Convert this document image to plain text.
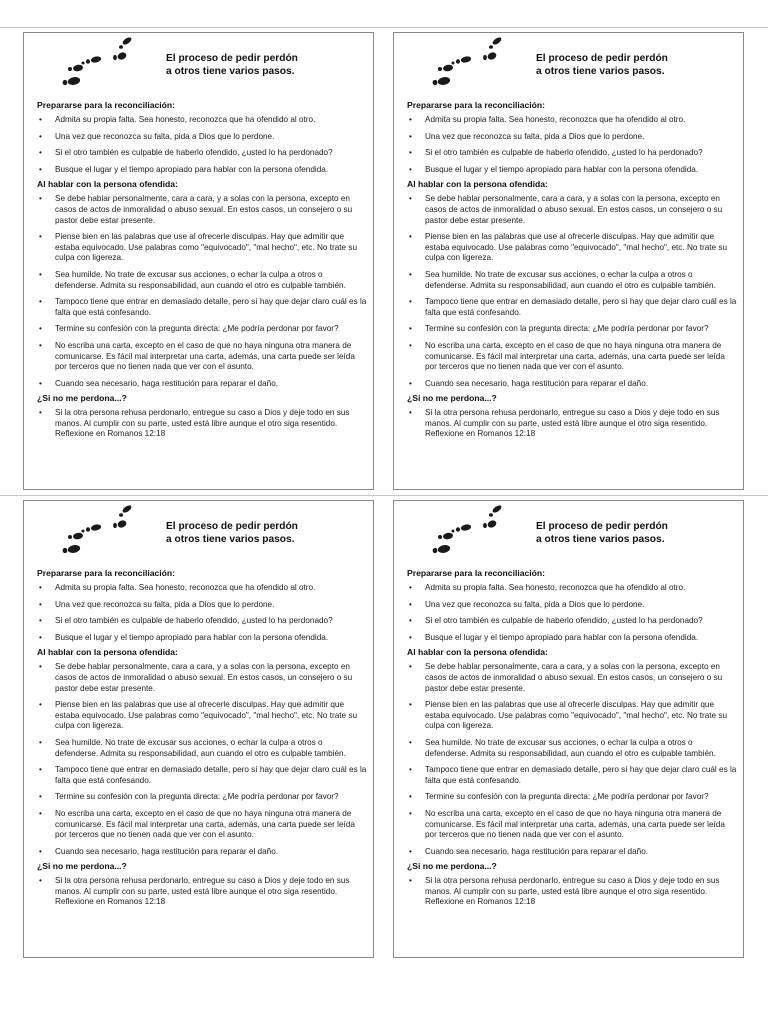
El proceso de pedir perdón
a otros tiene varios pasos.
Prepararse para la reconciliación:
• Admita su propia falta. Sea honesto, reconozca que ha ofendido al otro.
• Una vez que reconozca su falta, pida a Dios que lo perdone.
• Si el otro también es culpable de haberlo ofendido, ¿usted lo ha perdonado?
• Busque el lugar y el tiempo apropiado para hablar con la persona ofendida.
Al hablar con la persona ofendida:
• Se debe hablar personalmente, cara a cara, y a solas con la persona, excepto en casos de actos de inmoralidad o abuso sexual. En estos casos, un consejero o su pastor debe estar presente.
• Piense bien en las palabras que use al ofrecerle disculpas. Hay que admitir que estaba equivocado. Use palabras como "equivocado", "mal hecho", etc. No trate su culpa con ligereza.
• Sea humilde. No trate de excusar sus acciones, o echar la culpa a otros o defenderse. Admita su responsabilidad, aun cuando el otro es culpable también.
• Tampoco tiene que entrar en demasiado detalle, pero sí hay que dejar claro cuál es la falta que está confesando.
• Termine su confesión con la pregunta directa: ¿Me podría perdonar por favor?
• No escriba una carta, excepto en el caso de que no haya ninguna otra manera de comunicarse. Es fácil mal interpretar una carta, además, una carta puede ser leída por terceros que no tienen nada que ver con el asunto.
• Cuando sea necesario, haga restitución para reparar el daño.
¿Si no me perdona...?
• Si la otra persona rehusa perdonarlo, entregue su caso a Dios y deje todo en sus manos. Al cumplir con su parte, usted está libre aunque el otro siga resentido. Reflexione en Romanos 12:18
El proceso de pedir perdón
a otros tiene varios pasos.
Prepararse para la reconciliación:
• Admita su propia falta. Sea honesto, reconozca que ha ofendido al otro.
• Una vez que reconozca su falta, pida a Dios que lo perdone.
• Si el otro también es culpable de haberlo ofendido, ¿usted lo ha perdonado?
• Busque el lugar y el tiempo apropiado para hablar con la persona ofendida.
Al hablar con la persona ofendida:
• Se debe hablar personalmente, cara a cara, y a solas con la persona, excepto en casos de actos de inmoralidad o abuso sexual. En estos casos, un consejero o su pastor debe estar presente.
• Piense bien en las palabras que use al ofrecerle disculpas. Hay que admitir que estaba equivocado. Use palabras como "equivocado", "mal hecho", etc. No trate su culpa con ligereza.
• Sea humilde. No trate de excusar sus acciones, o echar la culpa a otros o defenderse. Admita su responsabilidad, aun cuando el otro es culpable también.
• Tampoco tiene que entrar en demasiado detalle, pero sí hay que dejar claro cuál es la falta que está confesando.
• Termine su confesión con la pregunta directa: ¿Me podría perdonar por favor?
• No escriba una carta, excepto en el caso de que no haya ninguna otra manera de comunicarse. Es fácil mal interpretar una carta, además, una carta puede ser leída por terceros que no tienen nada que ver con el asunto.
• Cuando sea necesario, haga restitución para reparar el daño.
¿Si no me perdona...?
• Si la otra persona rehusa perdonarlo, entregue su caso a Dios y deje todo en sus manos. Al cumplir con su parte, usted está libre aunque el otro siga resentido. Reflexione en Romanos 12:18
El proceso de pedir perdón
a otros tiene varios pasos.
Prepararse para la reconciliación:
• Admita su propia falta. Sea honesto, reconozca que ha ofendido al otro.
• Una vez que reconozca su falta, pida a Dios que lo perdone.
• Si el otro también es culpable de haberlo ofendido, ¿usted lo ha perdonado?
• Busque el lugar y el tiempo apropiado para hablar con la persona ofendida.
Al hablar con la persona ofendida:
• Se debe hablar personalmente, cara a cara, y a solas con la persona, excepto en casos de actos de inmoralidad o abuso sexual. En estos casos, un consejero o su pastor debe estar presente.
• Piense bien en las palabras que use al ofrecerle disculpas. Hay que admitir que estaba equivocado. Use palabras como "equivocado", "mal hecho", etc. No trate su culpa con ligereza.
• Sea humilde. No trate de excusar sus acciones, o echar la culpa a otros o defenderse. Admita su responsabilidad, aun cuando el otro es culpable también.
• Tampoco tiene que entrar en demasiado detalle, pero sí hay que dejar claro cuál es la falta que está confesando.
• Termine su confesión con la pregunta directa: ¿Me podría perdonar por favor?
• No escriba una carta, excepto en el caso de que no haya ninguna otra manera de comunicarse. Es fácil mal interpretar una carta, además, una carta puede ser leída por terceros que no tienen nada que ver con el asunto.
• Cuando sea necesario, haga restitución para reparar el daño.
¿Si no me perdona...?
• Si la otra persona rehusa perdonarlo, entregue su caso a Dios y deje todo en sus manos. Al cumplir con su parte, usted está libre aunque el otro siga resentido. Reflexione en Romanos 12:18
El proceso de pedir perdón
a otros tiene varios pasos.
Prepararse para la reconciliación:
• Admita su propia falta. Sea honesto, reconozca que ha ofendido al otro.
• Una vez que reconozca su falta, pida a Dios que lo perdone.
• Si el otro también es culpable de haberlo ofendido, ¿usted lo ha perdonado?
• Busque el lugar y el tiempo apropiado para hablar con la persona ofendida.
Al hablar con la persona ofendida:
• Se debe hablar personalmente, cara a cara, y a solas con la persona, excepto en casos de actos de inmoralidad o abuso sexual. En estos casos, un consejero o su pastor debe estar presente.
• Piense bien en las palabras que use al ofrecerle disculpas. Hay que admitir que estaba equivocado. Use palabras como "equivocado", "mal hecho", etc. No trate su culpa con ligereza.
• Sea humilde. No trate de excusar sus acciones, o echar la culpa a otros o defenderse. Admita su responsabilidad, aun cuando el otro es culpable también.
• Tampoco tiene que entrar en demasiado detalle, pero sí hay que dejar claro cuál es la falta que está confesando.
• Termine su confesión con la pregunta directa: ¿Me podría perdonar por favor?
• No escriba una carta, excepto en el caso de que no haya ninguna otra manera de comunicarse. Es fácil mal interpretar una carta, además, una carta puede ser leída por terceros que no tienen nada que ver con el asunto.
• Cuando sea necesario, haga restitución para reparar el daño.
¿Si no me perdona...?
• Si la otra persona rehusa perdonarlo, entregue su caso a Dios y deje todo en sus manos. Al cumplir con su parte, usted está libre aunque el otro siga resentido. Reflexione en Romanos 12:18
